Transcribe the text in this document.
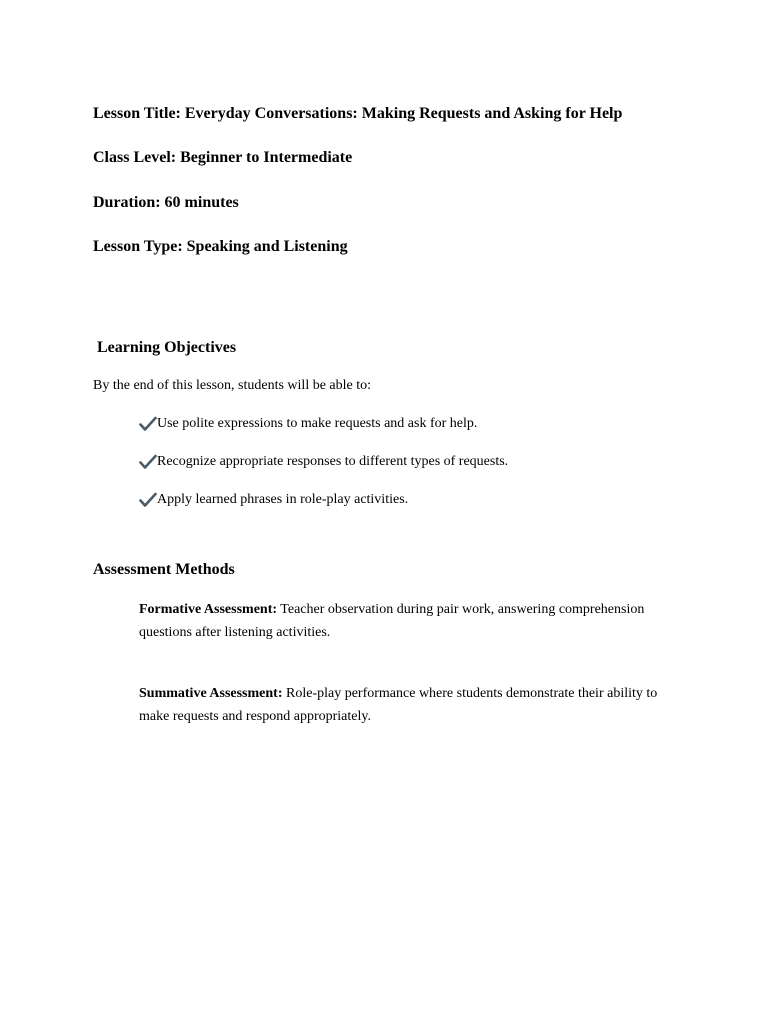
Lesson Title: Everyday Conversations: Making Requests and Asking for Help
Class Level: Beginner to Intermediate
Duration: 60 minutes
Lesson Type: Speaking and Listening
Learning Objectives
By the end of this lesson, students will be able to:
Use polite expressions to make requests and ask for help.
Recognize appropriate responses to different types of requests.
Apply learned phrases in role-play activities.
Assessment Methods
Formative Assessment: Teacher observation during pair work, answering comprehension questions after listening activities.
Summative Assessment: Role-play performance where students demonstrate their ability to make requests and respond appropriately.
